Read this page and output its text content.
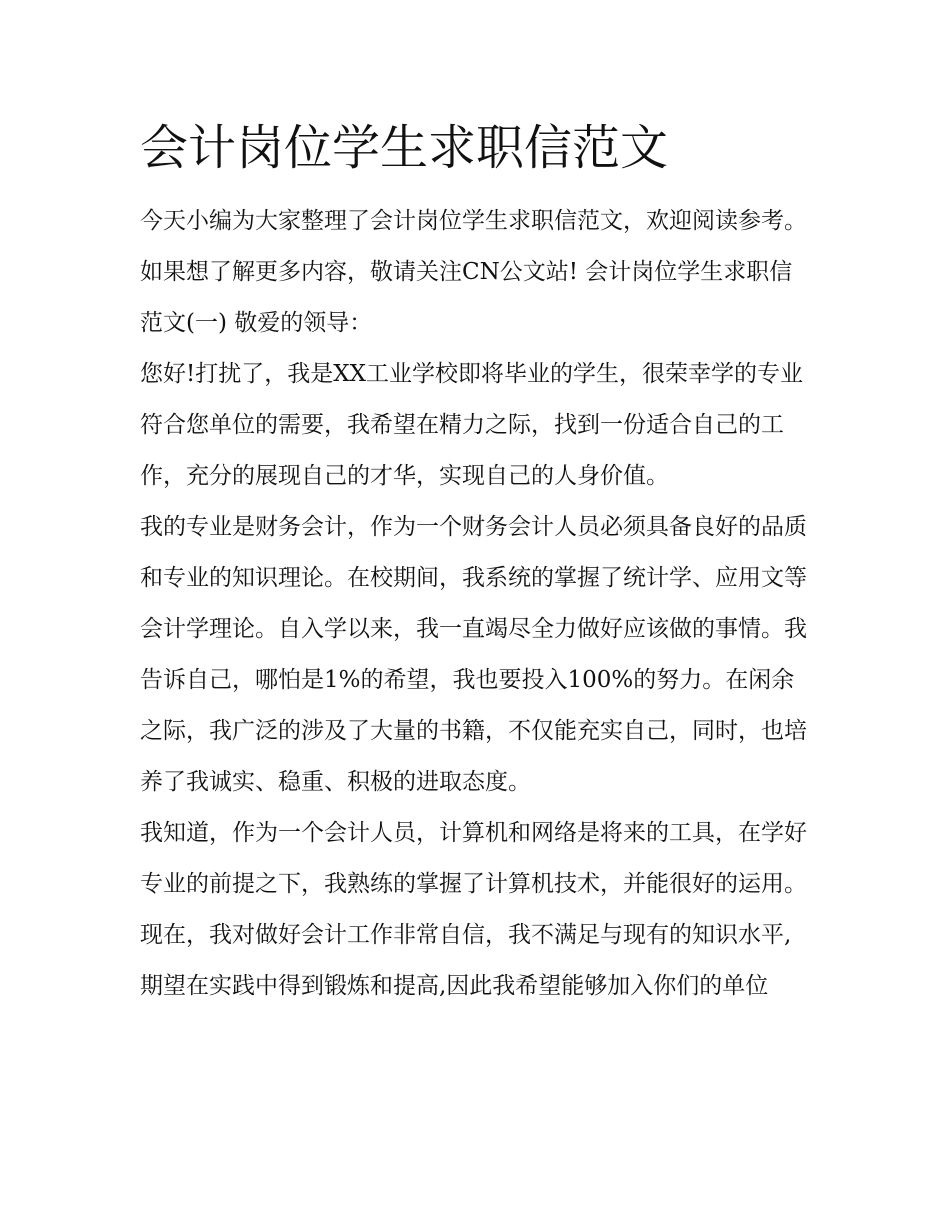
会计岗位学生求职信范文

今天小编为大家整理了会计岗位学生求职信范文，欢迎阅读参考。如果想了解更多内容，敬请关注CN公文站! 会计岗位学生求职信范文(一) 敬爱的领导：

您好!打扰了，我是XX工业学校即将毕业的学生，很荣幸学的专业符合您单位的需要，我希望在精力之际，找到一份适合自己的工作，充分的展现自己的才华，实现自己的人身价值。

我的专业是财务会计，作为一个财务会计人员必须具备良好的品质和专业的知识理论。在校期间，我系统的掌握了统计学、应用文等会计学理论。自入学以来，我一直竭尽全力做好应该做的事情。我告诉自己，哪怕是1%的希望，我也要投入100%的努力。在闲余之际，我广泛的涉及了大量的书籍，不仅能充实自己，同时，也培养了我诚实、稳重、积极的进取态度。

我知道，作为一个会计人员，计算机和网络是将来的工具，在学好专业的前提之下，我熟练的掌握了计算机技术，并能很好的运用。

现在，我对做好会计工作非常自信，我不满足与现有的知识水平,期望在实践中得到锻炼和提高,因此我希望能够加入你们的单位
